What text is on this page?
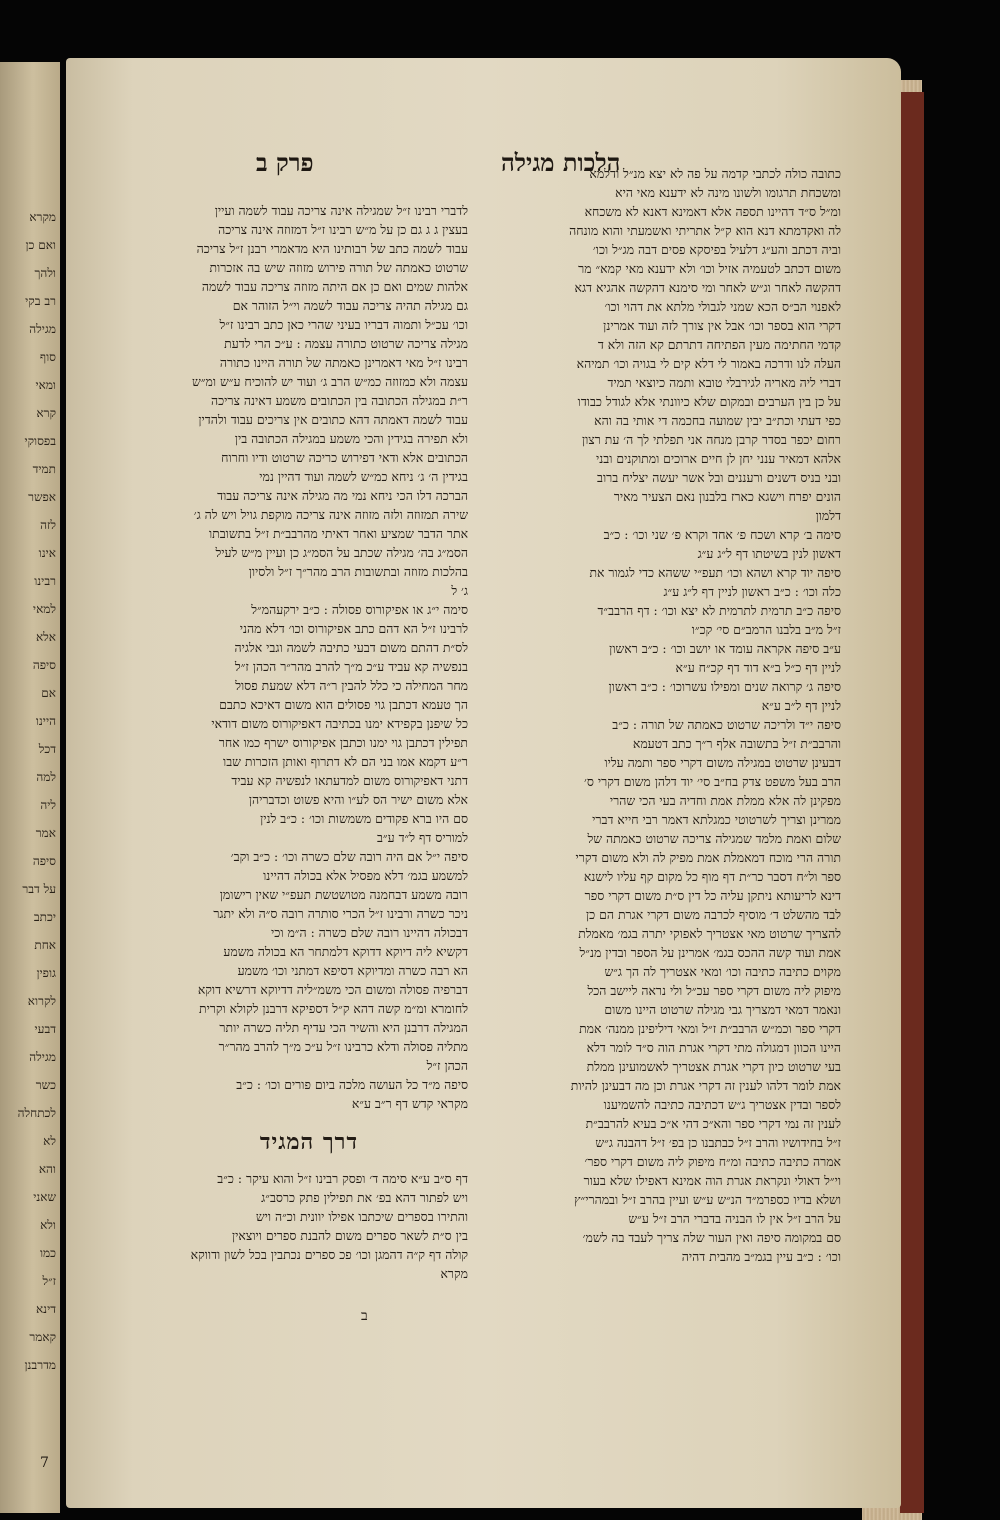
מקרא
ואם כן
ולהך
רב בקי
מגילה
סוף
ומאי
קרא
בפסוקי
תמיד
אפשר
לזה
אינו
רבינו
למאי
אלא
סיפה
אם
היינו
דכל
למה
ליה
אמר
סיפה
על דבר
יכתב
אחת
גופין
לקרוא
דבעי
מגילה
כשר
לכתחלה
לא
והא
שאני
ולא
כמו
ז״ל
דינא
קאמר
מדרבנן
הלכות מגילה
פרק ב	כתובה כולה לכתבי קדמה על פה לא יצא מנ״ל ודלמא
ומשכחת תרגומו ולשונו מינה לא ידענא מאי היא
ומ״ל ס״ד דהיינו תספה אלא דאמינא דאנא לא משכחא
לה ואקדמתא דנא הוא ק״ל אתריתי ואשמעתי והוא מונחה
וביה דכתב והע״ג דלעיל בפיסקא פסים דבה מג״ל וכו׳
משום דכתב לטעמיה אזיל וכו׳ ולא ידענא מאי קמא״ מר
דהקשה לאחר וג״ש לאחר ומי סימנא דהקשה אהגיא דגא
לאפנוי הב״ס הכא שמני לגבולי מלתא את דהוי וכו׳
דקרי הוא בספר וכו׳ אבל אין צורך לזה ועוד אמרינן
קדמי החתימה מעין הפתיחה דתרתם קא הזה ולא ד
העלה לנו ודרכה באמור לי דלא קים לי בגויה וכו׳ תמיהא
דברי ליה מאריה לגירבלי טובא ותמה כיוצאי תמיד
על כן בין הערבים ובמקום שלא כיוונתי אלא לגודל כבודו
כפי דעתי וכת״ב יבין שמועה בחכמה די אותי בה והא
רחום יכפר בסדר קרבן מנחה אני תפלתי לך ה׳ עת רצון
אלהא דמאיר ענני יחן לן חיים ארוכים ומתוקנים ובני
ובני בניס דשנים ורעננים ובל אשר יעשה יצליח ברוב
הונים יפרח וישגא כארז בלבנון נאם הצעיר מאיר
דלמון
סימה ב׳ קרא ושכח פ׳ אחד וקרא פ׳ שני וכו׳ : כ״ב
דאשון לנין בשיטתו דף ל״ג ע״ג
סיפה יוד קרא ושהא וכו׳ תעפ״י ששהא כדי לגמור את
כלה וכו׳ : כ״ב ראשון לניין דף ל״ג ע״ג
סיפה כ״ב תרמית לתרמית לא יצא וכו׳ : דף הרבב״ד
ז״ל מ״ב בלבנו הרמב״ם סי׳ קכ״ו
ע״ב סיפה אקראה עומד או יושב וכו׳ : כ״ב ראשון
לניין דף כ״ל ב״א דוד דף קכ״ח ע״א
סיפה ג׳ קרואה שנים ומפילו עשרוכו׳ : כ״ב ראשון
לניין דף ל״ב ע״א
סיפה י״ד ולריכה שרטוט כאמתה של תורה : כ״ב
והרבב״ת ז״ל בתשובה אלף ר״ך כתב דטעמא
דבעינן שרטוט במגילה משום דקרי ספר ותמה עליו
הרב בעל משפט צדק בח״ב סי׳ יוד דלהן משום דקרי ס׳
מפקינן לה אלא ממלת אמת וחדיה בעי הכי שהרי
ממרינן וצריך לשרטוטי כמגלתא דאמר רבי חייא דברי
שלום ואמת מלמד שמגילה צריכה שרטוט כאמתה של
תורה הרי מוכח דמאמלת אמת מפיק לה ולא משום דקרי
ספר ול״ח דסבר כר״ת דף מוף כל מקום קף עליו לישנא
דינא לריעותא ניתקן עליה כל דין ס״ת משום דקרי ספר
לבד מהשלט ד׳ מוסיף לכרבה משום דקרי אגרת הם כן
להצריך שרטוט מאי אצטריך לאפוקי יתרה בגמ׳ מאמלת
אמת ועוד קשה ההכס בגמ׳ אמרינן על הספר ובדין מנ״ל
מקוים כתיבה כתיבה וכו׳ ומאי אצטריך לה הך ג״ש
מיפוק ליה משום דקרי ספר עכ״ל ולי נראה ליישב הכל
ונאמר דמאי דמצריך גבי מגילה שרטוט היינו משום
דקרי ספר וכמ״ש הרבב״ת ז״ל ומאי דיליפינן ממנה׳ אמת
היינו הכוון דמגולה מתי דקרי אגרת הוה ס״ד לומר דלא
בעי שרטוט כיון דקרי אגרת אצטריך לאשמועינן ממלת
אמת לומר דלהו לענין זה דקרי אגרת וכן מה דבעינן להיות
לספר ובדין אצטריך ג״ש דכתיבה כתיבה להשמיענו
לענין זה נמי דקרי ספר והא״כ דהי א״כ בעיא להרבב״ת
ז״ל בחידושיו והרב ז״ל כבתבנו כן בפ׳ ז״ל דהבנה ג״ש
אמרה כתיבה כתיבה ומ״ח מיפוק ליה משום דקרי ספר׳
וי״ל דאולי ונקראת אגרת הוה אמינא דאפילו שלא בעור
ושלא בדיו כספרמ״ד הנ״ש ע״ש ועיין בהרב ז״ל ובמהרי״ץ
על הרב ז״ל אין לו הבניה בדברי הרב ז״ל ע״ש
סם במקומה סיפה ואין העור שלה צריך לעבד בה לשמ׳
וכו׳ : כ״ב עיין בגמ״ב מהבית דהיה
לדברי רבינו ז״ל שמגילה אינה צריכה עבוד לשמה ועיין
בעצין ג ג גם כן על מ״ש רבינו ז״ל דמזוזה אינה צריכה
עבוד לשמה כתב של רבותינו היא מדאמרי רבנן ז״ל צריכה
שרטוט כאמתה של תורה פירוש מזוזה שיש בה אזכרות
אלהות שמים ואם כן אם היתה מזוזה צריכה עבוד לשמה
גם מגילה תהיה צריכה עבוד לשמה וי״ל הזוהר אם
וכו׳ עכ״ל ותמוה דבריו בעיני שהרי כאן כתב רבינו ז״ל
מגילה צריכה שרטוט כתורה עצמה : ע״כ הרי לדעת
רבינו ז״ל מאי דאמרינן כאמתה של תורה היינו כתורה
עצמה ולא כמזוזה כמ״ש הרב ג׳ ועוד יש להוכיח ע״ש ומ״ש
ר״ת במגילה הכתובה בין הכתובים משמע דאינה צריכה
עבוד לשמה דאמתה דהא כתובים אין צריכים עבוד ולהדין
ולא תפירה בגידין והכי משמע במגילה הכתובה בין
הכתובים אלא ודאי דפירוש כריכה שרטוט ודיו וחרוח
בגידין ה׳ ג׳ ניחא כמ״ש לשמה ועוד דהיין נמי
הברכה דלו הכי ניחא נמי מה מגילה אינה צריכה עבוד
שירה תמזוזה ולזה מזוזה אינה צריכה מוקפת גויל ויש לה ג׳
אתר הדבר שמציע ואחר דאיתי מהרבב״ת ז״ל בתשובתו
הסמ״ג בה׳ מגילה שכתב על הסמ״ג כן ועיין מ״ש לעיל
בהלכות מזוזה ובתשובות הרב מהר״ך ז״ל ולסיון
ג׳ ל
סימה י״ג או אפיקורוס פסולה : כ״ב ירקעהמ״ל
לרבינו ז״ל הא דהם כתב אפיקורוס וכו׳ דלא מהני
לס״ת דהתם משום דבעי כתיבה לשמה וגבי אלגיה
בנפשיה קא עביד ע״כ מ״ך להרב מהר״ר הכהן ז״ל
מחר המחילה כי כלל להבין ר״ה דלא שמעת פסול
הך טעמא דכתבן גוי פסולים הוא משום דאיכא כתבם
כל שיפנן בקפידא ימנו בכתיבה דאפיקורוס משום דודאי
תפילין דכתבן גוי ימנו וכתבן אפיקורוס ישרף כמו אחר
ר״ע דקמא אמו בני הם לא דתרוף ואותן הזכרות שבו
דתני דאפיקורוס משום למדעתאו לנפשיה קא עביד
אלא משום ישיר הס לע״ו והיא פשוט וכדבריהן
סם היו ברא פקודים משמשות וכו׳ : כ״ב לנין
למוריס דף ל״ד ע״ב
סיפה י״ל אם היה רובה שלם כשרה וכו׳ : כ״ב וקב׳
למשמע בגמ׳ דלא מפסיל אלא בכולה דהיינו
רובה משמע דבחמנה מטושטשת תעפ״י שאין רישומן
ניכר כשרה ורבינו ז״ל הכרי סותרה רובה ס״ה ולא יתגר
דבכולה דהיינו רובה שלם כשרה : ה״מ וכי
דקשיא ליה דיוקא דדוקא דלמתחר הא בכולה משמע
הא רבה כשרה ומדיוקא דסיפא דמתני וכו׳ משמע
דברפיה פסולה ומשום הכי משמ״ליה דדיוקא דרשיא דוקא
לחומרא ומ״מ קשה דהא ק״ל דספיקא דרבנן לקולא וקרית
המגילה דרבנן היא והשיר הכי עדיף תליה כשרה יותר
מתליה פסולה ודלא כרבינו ז״ל ע״כ מ״ך להרב מהר״ר
הכהן ז״ל
סיפה מ״ד כל העושה מלכה ביום פורים וכו׳ : כ״ב
מקראי קדש דף ר״ב ע״א
דרך המגיד
דף ס״ב ע״א סימה ד׳ ופסק רבינו ז״ל והוא עיקר : כ״ב
ויש לפתור דהא בפ׳ את תפילין פתק כרסב״ג
והתירו בספרים שיכתבו אפילו יוונית וכ״ה ויש
בין ס״ת לשאר ספרים משום להבנת ספרים ויוצאין
קולה דף ק״ה דהמגן וכו׳ פכ ספרים נכתבין בכל לשון ודווקא
מקרא
ב
7
